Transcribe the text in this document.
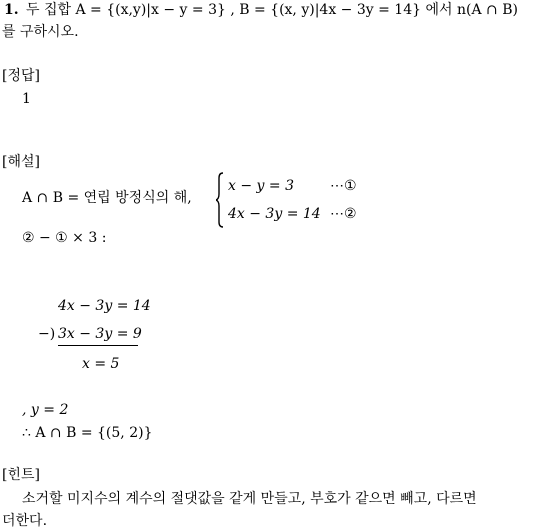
1. 두 집합 A = {(x,y)|x − y = 3} , B = {(x, y)|4x − 3y = 14} 에서 n(A ∩ B)
를 구하시오.
[정답]
1
[해설]
A ∩ B = 연립 방정식의 해,
x − y = 3	⋯①
4x − 3y = 14 ⋯②
② − ① × 3 :
4x − 3y = 14
−) 3x − 3y = 9
x = 5
, y = 2
∴ A ∩ B = {(5, 2)}
[힌트]
소거할 미지수의 계수의 절댓값을 같게 만들고, 부호가 같으면 빼고, 다르면
더한다.
